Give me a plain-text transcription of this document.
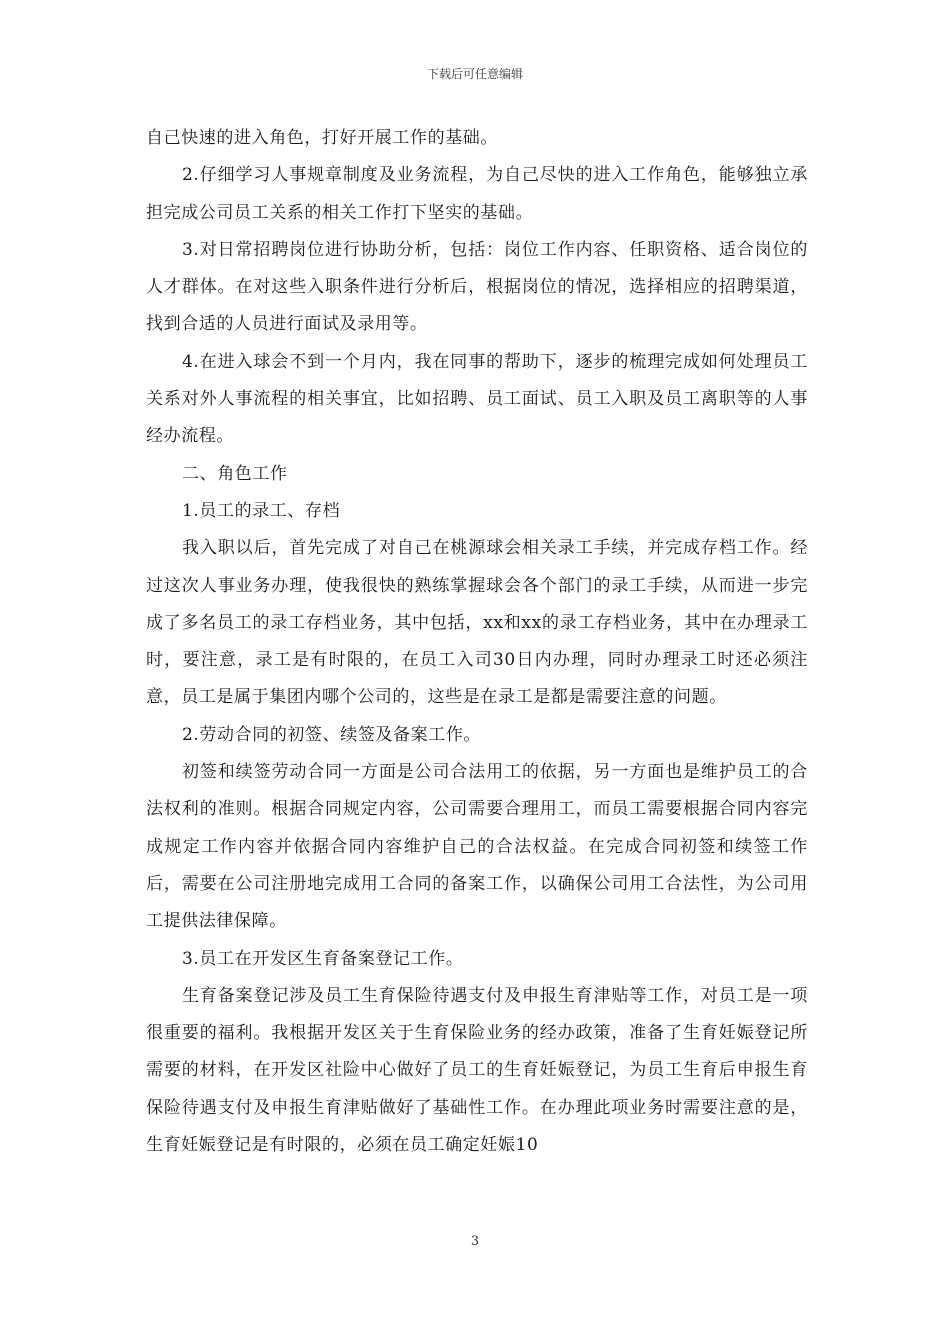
下载后可任意编辑

自己快速的进入角色，打好开展工作的基础。

2.仔细学习人事规章制度及业务流程，为自己尽快的进入工作角色，能够独立承担完成公司员工关系的相关工作打下坚实的基础。

3.对日常招聘岗位进行协助分析，包括：岗位工作内容、任职资格、适合岗位的人才群体。在对这些入职条件进行分析后，根据岗位的情况，选择相应的招聘渠道，找到合适的人员进行面试及录用等。

4.在进入球会不到一个月内，我在同事的帮助下，逐步的梳理完成如何处理员工关系对外人事流程的相关事宜，比如招聘、员工面试、员工入职及员工离职等的人事经办流程。

二、角色工作

1.员工的录工、存档

我入职以后，首先完成了对自己在桃源球会相关录工手续，并完成存档工作。经过这次人事业务办理，使我很快的熟练掌握球会各个部门的录工手续，从而进一步完成了多名员工的录工存档业务，其中包括，xx和xx的录工存档业务，其中在办理录工时，要注意，录工是有时限的，在员工入司30日内办理，同时办理录工时还必须注意，员工是属于集团内哪个公司的，这些是在录工是都是需要注意的问题。

2.劳动合同的初签、续签及备案工作。

初签和续签劳动合同一方面是公司合法用工的依据，另一方面也是维护员工的合法权利的准则。根据合同规定内容，公司需要合理用工，而员工需要根据合同内容完成规定工作内容并依据合同内容维护自己的合法权益。在完成合同初签和续签工作后，需要在公司注册地完成用工合同的备案工作，以确保公司用工合法性，为公司用工提供法律保障。

3.员工在开发区生育备案登记工作。

生育备案登记涉及员工生育保险待遇支付及申报生育津贴等工作，对员工是一项很重要的福利。我根据开发区关于生育保险业务的经办政策，准备了生育妊娠登记所需要的材料，在开发区社险中心做好了员工的生育妊娠登记，为员工生育后申报生育保险待遇支付及申报生育津贴做好了基础性工作。在办理此项业务时需要注意的是，生育妊娠登记是有时限的，必须在员工确定妊娠10

3
